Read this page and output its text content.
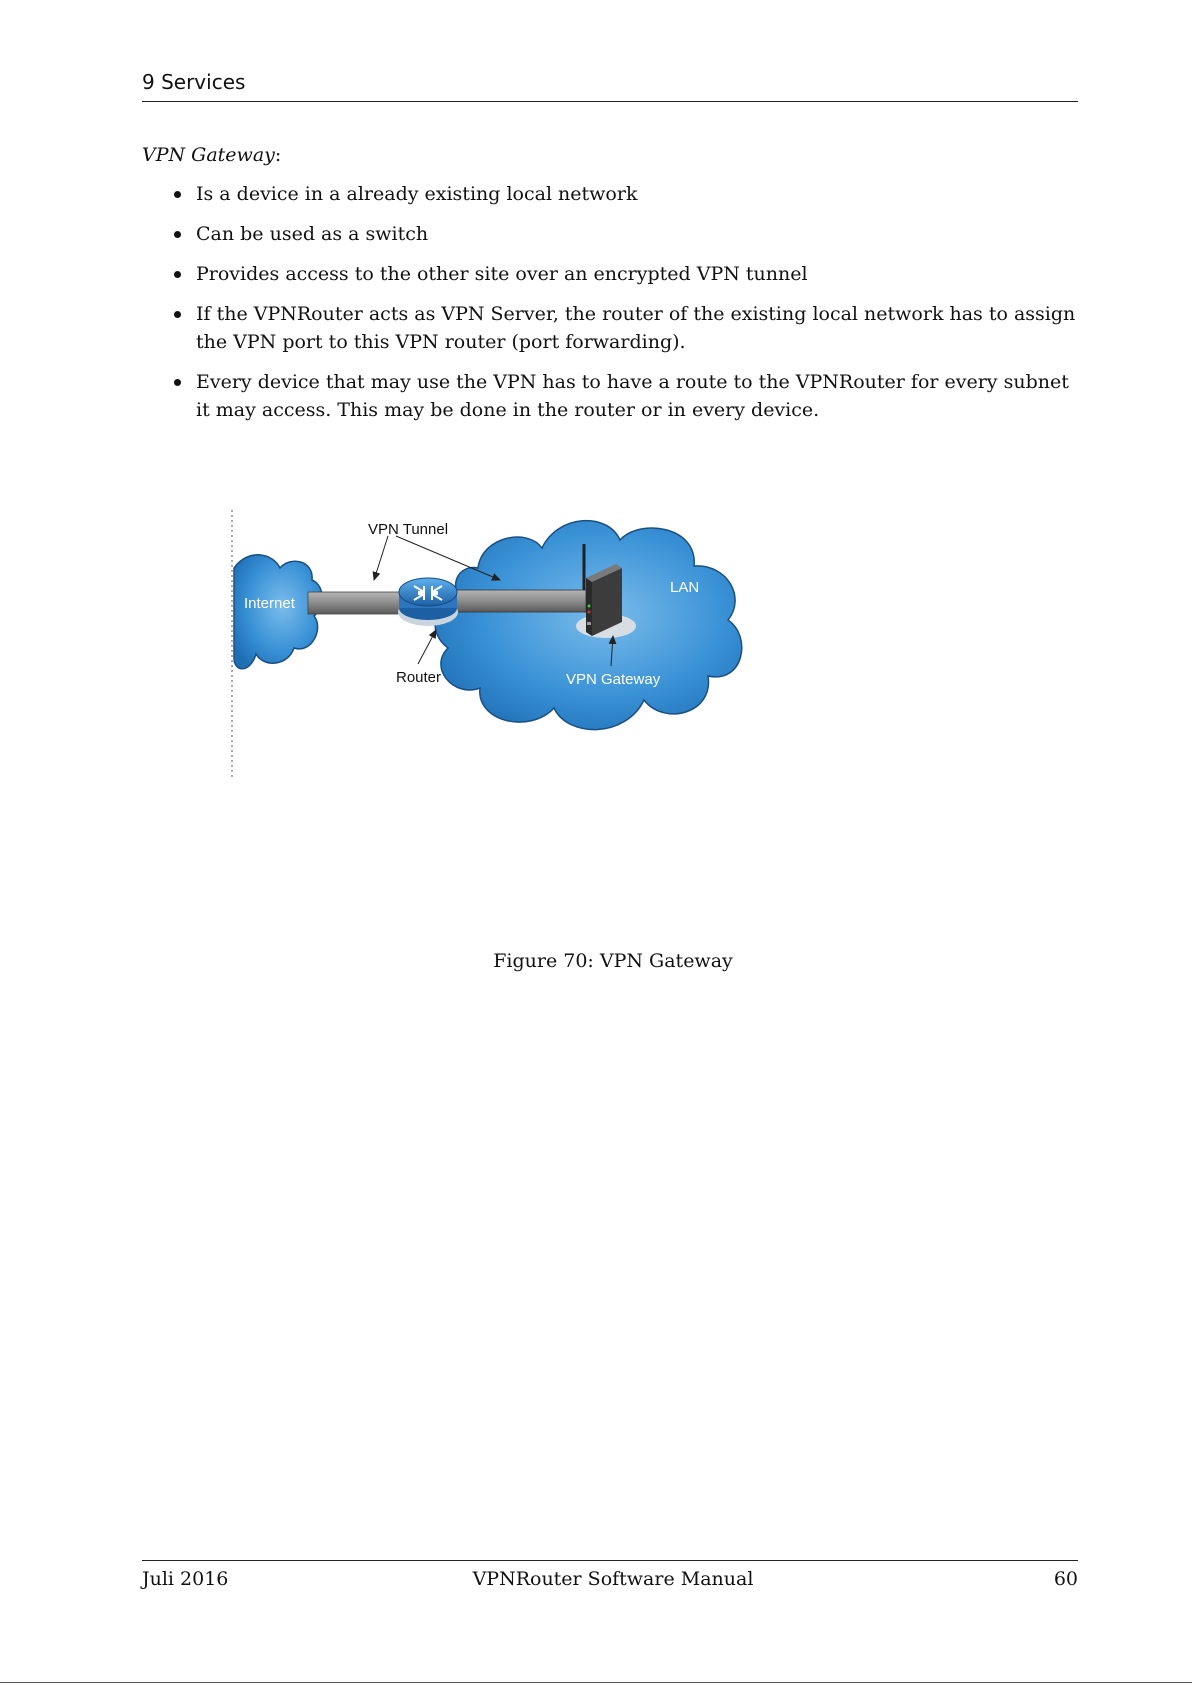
9 Services
VPN Gateway:
Is a device in a already existing local network
Can be used as a switch
Provides access to the other site over an encrypted VPN tunnel
If the VPNRouter acts as VPN Server, the router of the existing local network has to assign the VPN port to this VPN router (port forwarding).
Every device that may use the VPN has to have a route to the VPNRouter for every subnet it may access. This may be done in the router or in every device.
Internet
VPN Tunnel
Router
LAN
VPN Gateway
Figure 70: VPN Gateway
Juli 2016	VPNRouter Software Manual	60
